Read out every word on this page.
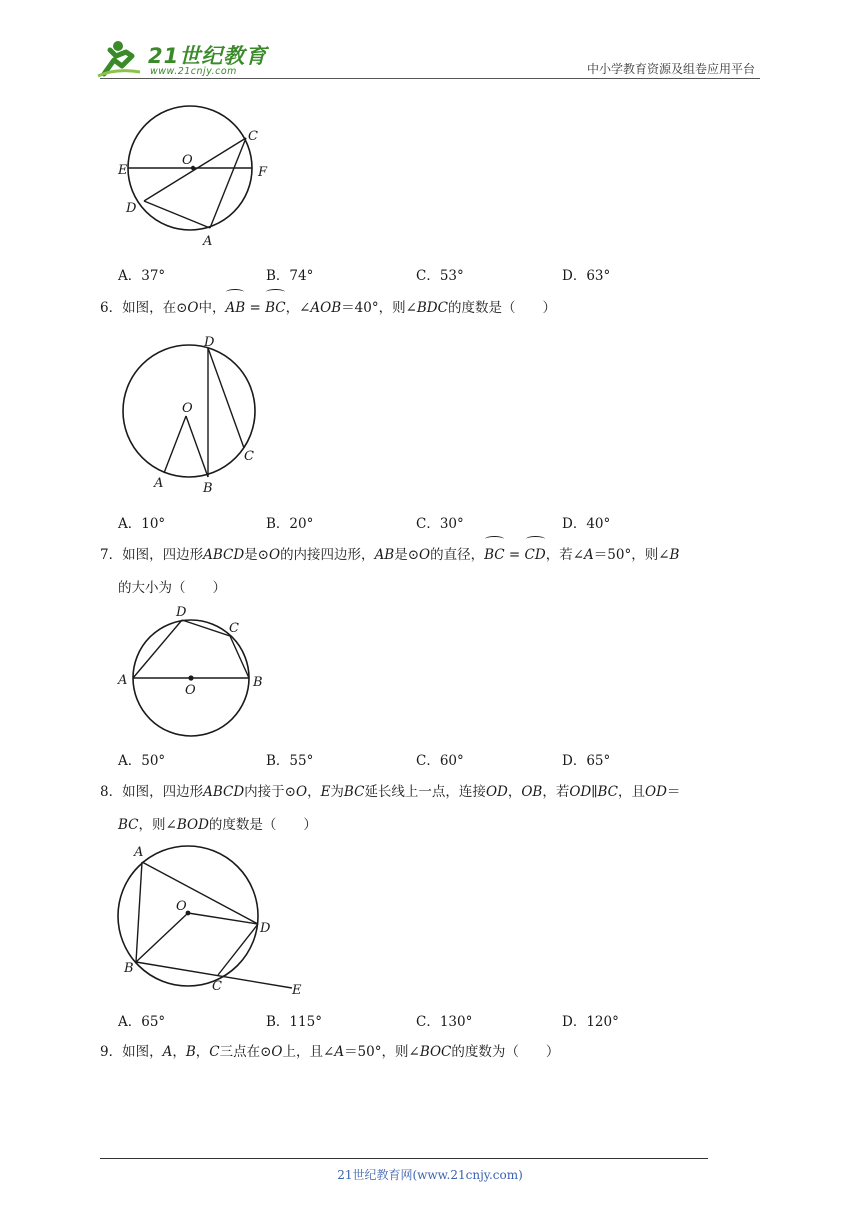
21世纪教育
www.21cnjy.com	中小学教育资源及组卷应用平台
E
O
C
F
D
A
A．37°	B．74°	C．53°	D．63°
6．如图，在⊙O中，AB = BC，∠AOB＝40°，则∠BDC的度数是（　　）
D
O
C
A	B
A．10°	B．20°	C．30°	D．40°
7．如图，四边形ABCD是⊙O的内接四边形，AB是⊙O的直径，BC = CD，若∠A＝50°，则∠B
的大小为（　　）
D
C
A
O
B
A．50°	B．55°	C．60°	D．65°
8．如图，四边形ABCD内接于⊙O，E为BC延长线上一点，连接OD，OB，若OD∥BC，且OD＝
BC，则∠BOD的度数是（　　）
A
O
D
B
C	E
A．65°	B．115°	C．130°	D．120°
9．如图，A，B，C三点在⊙O上，且∠A＝50°，则∠BOC的度数为（　　）
21世纪教育网(www.21cnjy.com)
